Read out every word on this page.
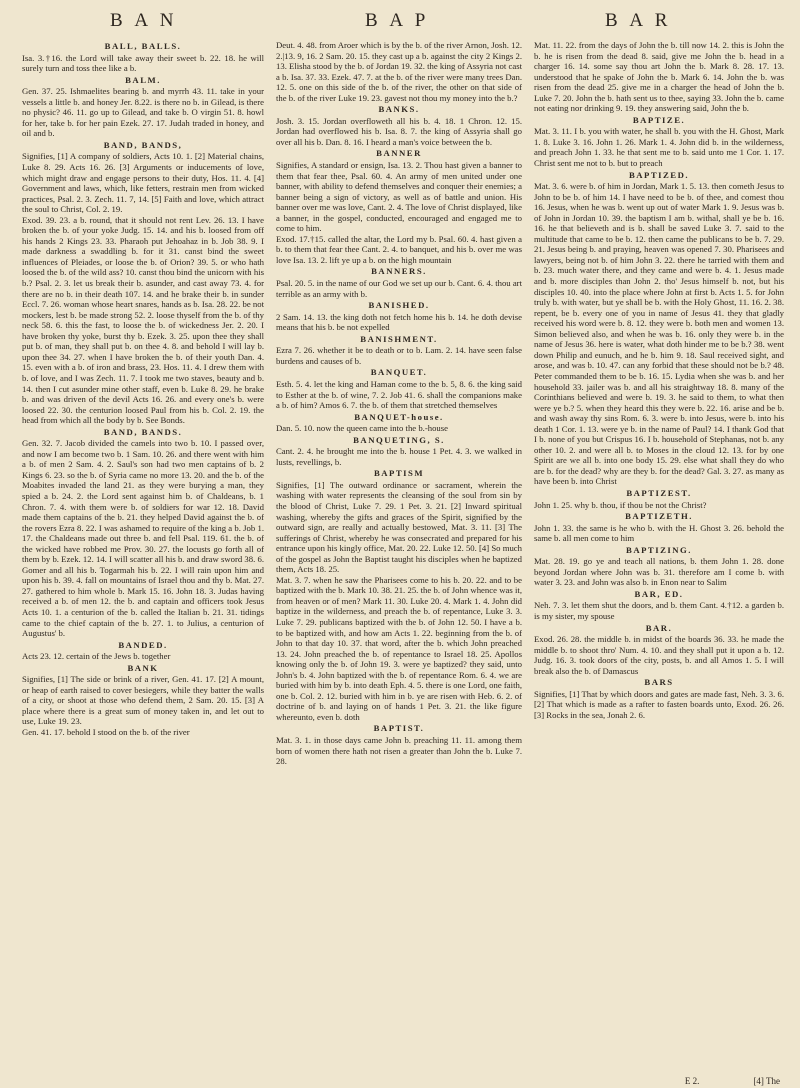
B A N	B A P	B A R

BALL, BALLS.

Isa. 3.†16. the Lord will take away their sweet b. 22. 18. he will surely turn and toss thee like a b.

BALM.

Gen. 37. 25. Ishmaelites bearing b. and myrrh 43. 11. take in your vessels a little b. and honey Jer. 8.22. is there no b. in Gilead, is there no physic? 46. 11. go up to Gilead, and take b. O virgin 51. 8. howl for her, take b. for her pain Ezek. 27. 17. Judah traded in honey, and oil and b.

BAND, BANDS,

Signifies, [1] A company of soldiers, Acts 10. 1. [2] Material chains, Luke 8. 29. Acts 16. 26. [3] Arguments or inducements of love, which might draw and engage persons to their duty, Hos. 11. 4. [4] Government and laws, which, like fetters, restrain men from wicked practices, Psal. 2. 3. Zech. 11. 7, 14. [5] Faith and love, which attract the soul to Christ, Col. 2. 19.

Exod. 39. 23. a b. round, that it should not rent Lev. 26. 13. I have broken the b. of your yoke Judg. 15. 14. and his b. loosed from off his hands 2 Kings 23. 33. Pharaoh put Jehoahaz in b. Job 38. 9. I made darkness a swaddling b. for it 31. canst bind the sweet influences of Pleiades, or loose the b. of Orion? 39. 5. or who hath loosed the b. of the wild ass? 10. canst thou bind the unicorn with his b.? Psal. 2. 3. let us break their b. asunder, and cast away 73. 4. for there are no b. in their death 107. 14. and he brake their b. in sunder Eccl. 7. 26. woman whose heart snares, hands as b. Isa. 28. 22. be not mockers, lest b. be made strong 52. 2. loose thyself from the b. of thy neck 58. 6. this the fast, to loose the b. of wickedness Jer. 2. 20. I have broken thy yoke, burst thy b. Ezek. 3. 25. upon thee they shall put b. of man, they shall put b. on thee 4. 8. and behold I will lay b. upon thee 34. 27. when I have broken the b. of their youth Dan. 4. 15. even with a b. of iron and brass, 23. Hos. 11. 4. I drew them with b. of love, and I was Zech. 11. 7. I took me two staves, beauty and b. 14. then I cut asunder mine other staff, even b. Luke 8. 29. he brake b. and was driven of the devil Acts 16. 26. and every one's b. were loosed 22. 30. the centurion loosed Paul from his b. Col. 2. 19. the head from which all the body by b. See Bonds.

BAND, BANDS.

Gen. 32. 7. Jacob divided the camels into two b. 10. I passed over, and now I am become two b. 1 Sam. 10. 26. and there went with him a b. of men 2 Sam. 4. 2. Saul's son had two men captains of b. 2 Kings 6. 23. so the b. of Syria came no more 13. 20. and the b. of the Moabites invaded the land 21. as they were burying a man, they spied a b. 24. 2. the Lord sent against him b. of Chaldeans, b. 1 Chron. 7. 4. with them were b. of soldiers for war 12. 18. David made them captains of the b. 21. they helped David against the b. of the rovers Ezra 8. 22. I was ashamed to require of the king a b. Job 1. 17. the Chaldeans made out three b. and fell Psal. 119. 61. the b. of the wicked have robbed me Prov. 30. 27. the locusts go forth all of them by b. Ezek. 12. 14. I will scatter all his b. and draw sword 38. 6. Gomer and all his b. Togarmah his b. 22. I will rain upon him and upon his b. 39. 4. fall on mountains of Israel thou and thy b. Mat. 27. 27. gathered to him whole b. Mark 15. 16. John 18. 3. Judas having received a b. of men 12. the b. and captain and officers took Jesus Acts 10. 1. a centurion of the b. called the Italian b. 21. 31. tidings came to the chief captain of the b. 27. 1. to Julius, a centurion of Augustus' b.

BANDED.

Acts 23. 12. certain of the Jews b. together

BANK

Signifies, [1] The side or brink of a river, Gen. 41. 17. [2] A mount, or heap of earth raised to cover besiegers, while they batter the walls of a city, or shoot at those who defend them, 2 Sam. 20. 15. [3] A place where there is a great sum of money taken in, and let out to use, Luke 19. 23.

Gen. 41. 17. behold I stood on the b. of the river

Deut. 4. 48. from Aroer which is by the b. of the river Arnon, Josh. 12. 2.|13. 9, 16. 2 Sam. 20. 15. they cast up a b. against the city 2 Kings 2. 13. Elisha stood by the b. of Jordan 19. 32. the king of Assyria not cast a b. Isa. 37. 33. Ezek. 47. 7. at the b. of the river were many trees Dan. 12. 5. one on this side of the b. of the river, the other on that side of the b. of the river Luke 19. 23. gavest not thou my money into the b.?

BANKS.

Josh. 3. 15. Jordan overfloweth all his b. 4. 18. 1 Chron. 12. 15. Jordan had overflowed his b. Isa. 8. 7. the king of Assyria shall go over all his b. Dan. 8. 16. I heard a man's voice between the b.

BANNER

Signifies, A standard or ensign, Isa. 13. 2. Thou hast given a banner to them that fear thee, Psal. 60. 4. An army of men united under one banner, with ability to defend themselves and conquer their enemies; a banner being a sign of victory, as well as of battle and union. His banner over me was love, Cant. 2. 4. The love of Christ displayed, like a banner, in the gospel, conducted, encouraged and engaged me to come to him.

Exod. 17.†15. called the altar, the Lord my b. Psal. 60. 4. hast given a b. to them that fear thee Cant. 2. 4. to banquet, and his b. over me was love Isa. 13. 2. lift ye up a b. on the high mountain

BANNERS.

Psal. 20. 5. in the name of our God we set up our b. Cant. 6. 4. thou art terrible as an army with b.

BANISHED.

2 Sam. 14. 13. the king doth not fetch home his b. 14. he doth devise means that his b. be not expelled

BANISHMENT.

Ezra 7. 26. whether it be to death or to b. Lam. 2. 14. have seen false burdens and causes of b.

BANQUET.

Esth. 5. 4. let the king and Haman come to the b. 5, 8. 6. the king said to Esther at the b. of wine, 7. 2. Job 41. 6. shall the companions make a b. of him? Amos 6. 7. the b. of them that stretched themselves

BANQUET-house.

Dan. 5. 10. now the queen came into the b.-house

BANQUETING, S.

Cant. 2. 4. he brought me into the b. house 1 Pet. 4. 3. we walked in lusts, revellings, b.

BAPTISM

Signifies, [1] The outward ordinance or sacrament, wherein the washing with water represents the cleansing of the soul from sin by the blood of Christ, Luke 7. 29. 1 Pet. 3. 21. [2] Inward spiritual washing, whereby the gifts and graces of the Spirit, signified by the outward sign, are really and actually bestowed, Mat. 3. 11. [3] The sufferings of Christ, whereby he was consecrated and prepared for his entrance upon his kingly office, Mat. 20. 22. Luke 12. 50. [4] So much of the gospel as John the Baptist taught his disciples when he baptized them, Acts 18. 25.

Mat. 3. 7. when he saw the Pharisees come to his b. 20. 22. and to be baptized with the b. Mark 10. 38. 21. 25. the b. of John whence was it, from heaven or of men? Mark 11. 30. Luke 20. 4. Mark 1. 4. John did baptize in the wilderness, and preach the b. of repentance, Luke 3. 3. Luke 7. 29. publicans baptized with the b. of John 12. 50. I have a b. to be baptized with, and how am Acts 1. 22. beginning from the b. of John to that day 10. 37. that word, after the b. which John preached 13. 24. John preached the b. of repentance to Israel 18. 25. Apollos knowing only the b. of John 19. 3. were ye baptized? they said, unto John's b. 4. John baptized with the b. of repentance Rom. 6. 4. we are buried with him by b. into death Eph. 4. 5. there is one Lord, one faith, one b. Col. 2. 12. buried with him in b. ye are risen with Heb. 6. 2. of doctrine of b. and laying on of hands 1 Pet. 3. 21. the like figure whereunto, even b. doth

BAPTIST.

Mat. 3. 1. in those days came John b. preaching 11. 11. among them born of women there hath not risen a greater than John the b. Luke 7. 28.

Mat. 11. 22. from the days of John the b. till now 14. 2. this is John the b. he is risen from the dead 8. said, give me John the b. head in a charger 16. 14. some say thou art John the b. Mark 8. 28. 17. 13. understood that he spake of John the b. Mark 6. 14. John the b. was risen from the dead 25. give me in a charger the head of John the b. Luke 7. 20. John the b. hath sent us to thee, saying 33. John the b. came not eating nor drinking 9. 19. they answering said, John the b.

BAPTIZE.

Mat. 3. 11. I b. you with water, he shall b. you with the H. Ghost, Mark 1. 8. Luke 3. 16. John 1. 26. Mark 1. 4. John did b. in the wilderness, and preach John 1. 33. he that sent me to b. said unto me 1 Cor. 1. 17. Christ sent me not to b. but to preach

BAPTIZED.

Mat. 3. 6. were b. of him in Jordan, Mark 1. 5. 13. then cometh Jesus to John to be b. of him 14. I have need to be b. of thee, and comest thou 16. Jesus, when he was b. went up out of water Mark 1. 9. Jesus was b. of John in Jordan 10. 39. the baptism I am b. withal, shall ye be b. 16. 16. he that believeth and is b. shall be saved Luke 3. 7. said to the multitude that came to be b. 12. then came the publicans to be b. 7. 29. 21. Jesus being b. and praying, heaven was opened 7. 30. Pharisees and lawyers, being not b. of him John 3. 22. there he tarried with them and b. 23. much water there, and they came and were b. 4. 1. Jesus made and b. more disciples than John 2. tho' Jesus himself b. not, but his disciples 10. 40. into the place where John at first b. Acts 1. 5. for John truly b. with water, but ye shall be b. with the Holy Ghost, 11. 16. 2. 38. repent, be b. every one of you in name of Jesus 41. they that gladly received his word were b. 8. 12. they were b. both men and women 13. Simon believed also, and when he was b. 16. only they were b. in the name of Jesus 36. here is water, what doth hinder me to be b.? 38. went down Philip and eunuch, and he b. him 9. 18. Saul received sight, and arose, and was b. 10. 47. can any forbid that these should not be b.? 48. Peter commanded them to be b. 16. 15. Lydia when she was b. and her household 33. jailer was b. and all his straightway 18. 8. many of the Corinthians believed and were b. 19. 3. he said to them, to what then were ye b.? 5. when they heard this they were b. 22. 16. arise and be b. and wash away thy sins Rom. 6. 3. were b. into Jesus, were b. into his death 1 Cor. 1. 13. were ye b. in the name of Paul? 14. I thank God that I b. none of you but Crispus 16. I b. household of Stephanas, not b. any other 10. 2. and were all b. to Moses in the cloud 12. 13. for by one Spirit are we all b. into one body 15. 29. else what shall they do who are b. for the dead? why are they b. for the dead? Gal. 3. 27. as many as have been b. into Christ

BAPTIZEST.

John 1. 25. why b. thou, if thou be not the Christ?

BAPTIZETH.

John 1. 33. the same is he who b. with the H. Ghost 3. 26. behold the same b. all men come to him

BAPTIZING.

Mat. 28. 19. go ye and teach all nations, b. them John 1. 28. done beyond Jordan where John was b. 31. therefore am I come b. with water 3. 23. and John was also b. in Enon near to Salim

BAR, ED.

Neh. 7. 3. let them shut the doors, and b. them Cant. 4.†12. a garden b. is my sister, my spouse

BAR.

Exod. 26. 28. the middle b. in midst of the boards 36. 33. he made the middle b. to shoot thro' Num. 4. 10. and they shall put it upon a b. 12. Judg. 16. 3. took doors of the city, posts, b. and all Amos 1. 5. I will break also the b. of Damascus

BARS

Signifies, [1] That by which doors and gates are made fast, Neh. 3. 3. 6. [2] That which is made as a rafter to fasten boards unto, Exod. 26. 26. [3] Rocks in the sea, Jonah 2. 6.

E 2.	[4] The
